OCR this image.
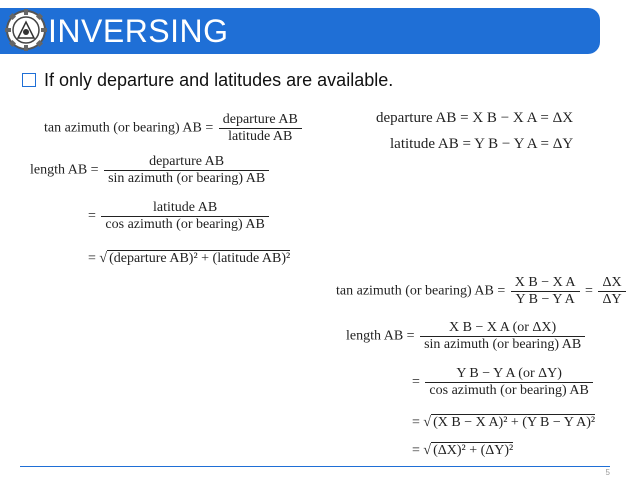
INVERSING
If only departure and latitudes are available.
tan azimuth (or bearing) AB = $\frac{\text{departure AB}}{\text{latitude AB}}$
length AB = $\frac{\text{departure AB}}{\text{sin azimuth (or bearing) AB}}$
= $\frac{\text{latitude AB}}{\text{cos azimuth (or bearing) AB}}$
= √ (departure AB)² + (latitude AB)²
departure AB = X B − X A = ΔX
latitude AB = Y B − Y A = ΔY
tan azimuth (or bearing) AB = $\frac{\text{X B − X A}}{\text{Y B − Y A}} = \frac{\Delta X}{\Delta Y}$
length AB = $\frac{\text{X B − X A (or ΔX)}}{\text{sin azimuth (or bearing) AB}}$
= $\frac{\text{Y B − Y A (or ΔY)}}{\text{cos azimuth (or bearing) AB}}$
= √ (X B − X A)² + (Y B − Y A)²
= √ (ΔX)² + (ΔY)²
5
